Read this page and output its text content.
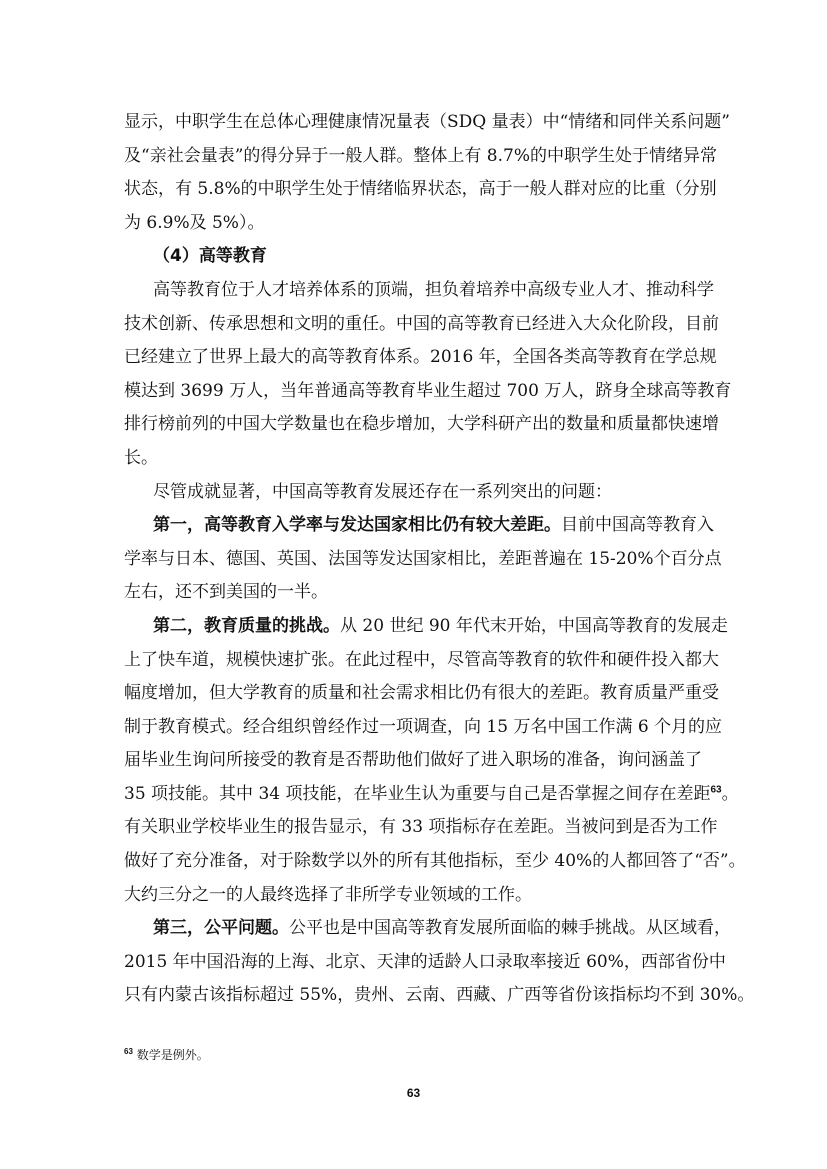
显示，中职学生在总体心理健康情况量表（SDQ 量表）中“情绪和同伴关系问题”
及“亲社会量表”的得分异于一般人群。整体上有 8.7%的中职学生处于情绪异常
状态，有 5.8%的中职学生处于情绪临界状态，高于一般人群对应的比重（分别
为 6.9%及 5%）。
（4）高等教育
高等教育位于人才培养体系的顶端，担负着培养中高级专业人才、推动科学
技术创新、传承思想和文明的重任。中国的高等教育已经进入大众化阶段，目前
已经建立了世界上最大的高等教育体系。2016 年，全国各类高等教育在学总规
模达到 3699 万人，当年普通高等教育毕业生超过 700 万人，跻身全球高等教育
排行榜前列的中国大学数量也在稳步增加，大学科研产出的数量和质量都快速增
长。
尽管成就显著，中国高等教育发展还存在一系列突出的问题：
第一，高等教育入学率与发达国家相比仍有较大差距。目前中国高等教育入
学率与日本、德国、英国、法国等发达国家相比，差距普遍在 15-20%个百分点
左右，还不到美国的一半。
第二，教育质量的挑战。从 20 世纪 90 年代末开始，中国高等教育的发展走
上了快车道，规模快速扩张。在此过程中，尽管高等教育的软件和硬件投入都大
幅度增加，但大学教育的质量和社会需求相比仍有很大的差距。教育质量严重受
制于教育模式。经合组织曾经作过一项调查，向 15 万名中国工作满 6 个月的应
届毕业生询问所接受的教育是否帮助他们做好了进入职场的准备，询问涵盖了
35 项技能。其中 34 项技能，在毕业生认为重要与自己是否掌握之间存在差距$^{63}$。
有关职业学校毕业生的报告显示，有 33 项指标存在差距。当被问到是否为工作
做好了充分准备，对于除数学以外的所有其他指标，至少 40%的人都回答了“否”。
大约三分之一的人最终选择了非所学专业领域的工作。
第三，公平问题。公平也是中国高等教育发展所面临的棘手挑战。从区域看，
2015 年中国沿海的上海、北京、天津的适龄人口录取率接近 60%，西部省份中
只有内蒙古该指标超过 55%，贵州、云南、西藏、广西等省份该指标均不到 30%。
$^{63}$ 数学是例外。
63
